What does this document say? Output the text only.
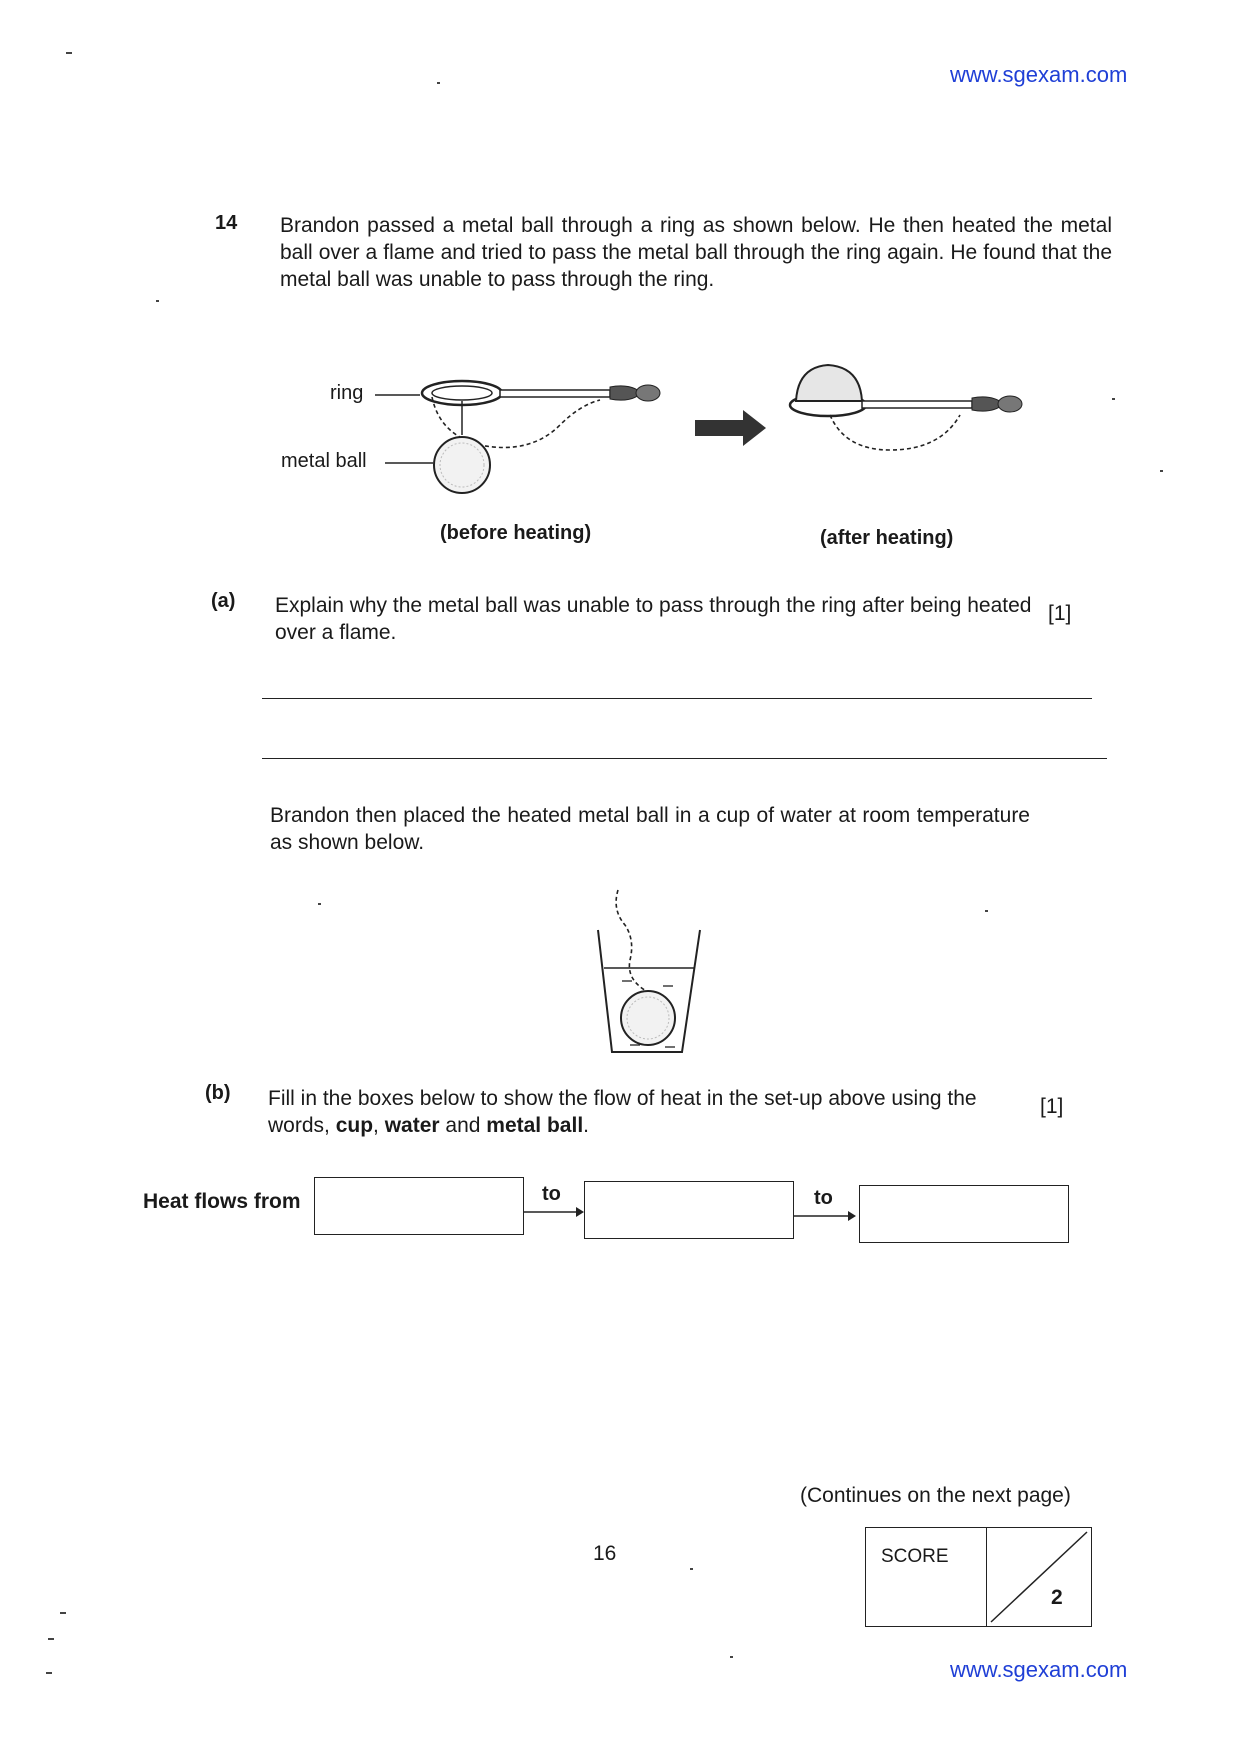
www.sgexam.com
14 Brandon passed a metal ball through a ring as shown below. He then heated the metal ball over a flame and tried to pass the metal ball through the ring again. He found that the metal ball was unable to pass through the ring.
ring
metal ball
(before heating)	(after heating)
(a) Explain why the metal ball was unable to pass through the ring after being heated over a flame.
[1]
Brandon then placed the heated metal ball in a cup of water at room temperature as shown below.
(b) Fill in the boxes below to show the flow of heat in the set-up above using the words, cup, water and metal ball.
[1]
Heat flows from	to	to
(Continues on the next page)
16	SCORE
2
www.sgexam.com
